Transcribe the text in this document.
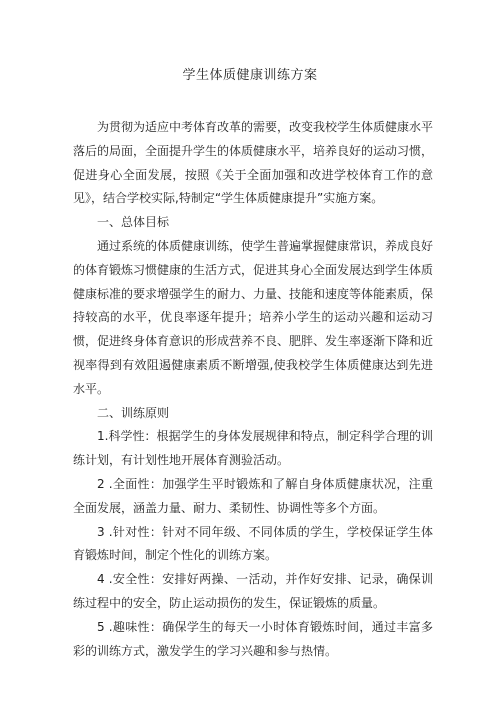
学生体质健康训练方案

为贯彻为适应中考体育改革的需要，改变我校学生体质健康水平落后的局面，全面提升学生的体质健康水平，培养良好的运动习惯，促进身心全面发展，按照《关于全面加强和改进学校体育工作的意见》，结合学校实际,特制定“学生体质健康提升”实施方案。

一、总体目标

通过系统的体质健康训练，使学生普遍掌握健康常识，养成良好的体育锻炼习惯健康的生活方式，促进其身心全面发展达到学生体质健康标准的要求增强学生的耐力、力量、技能和速度等体能素质，保持较高的水平，优良率逐年提升；培养小学生的运动兴趣和运动习惯，促进终身体育意识的形成营养不良、肥胖、发生率逐渐下降和近视率得到有效阻遏健康素质不断增强,使我校学生体质健康达到先进水平。

二、训练原则

1.科学性：根据学生的身体发展规律和特点，制定科学合理的训练计划，有计划性地开展体育测验活动。

2 .全面性：加强学生平时锻炼和了解自身体质健康状况，注重全面发展，涵盖力量、耐力、柔韧性、协调性等多个方面。

3 .针对性：针对不同年级、不同体质的学生，学校保证学生体育锻炼时间，制定个性化的训练方案。

4 .安全性：安排好两操、一活动，并作好安排、记录，确保训练过程中的安全，防止运动损伤的发生，保证锻炼的质量。

5 .趣味性：确保学生的每天一小时体育锻炼时间，通过丰富多彩的训练方式，激发学生的学习兴趣和参与热情。
